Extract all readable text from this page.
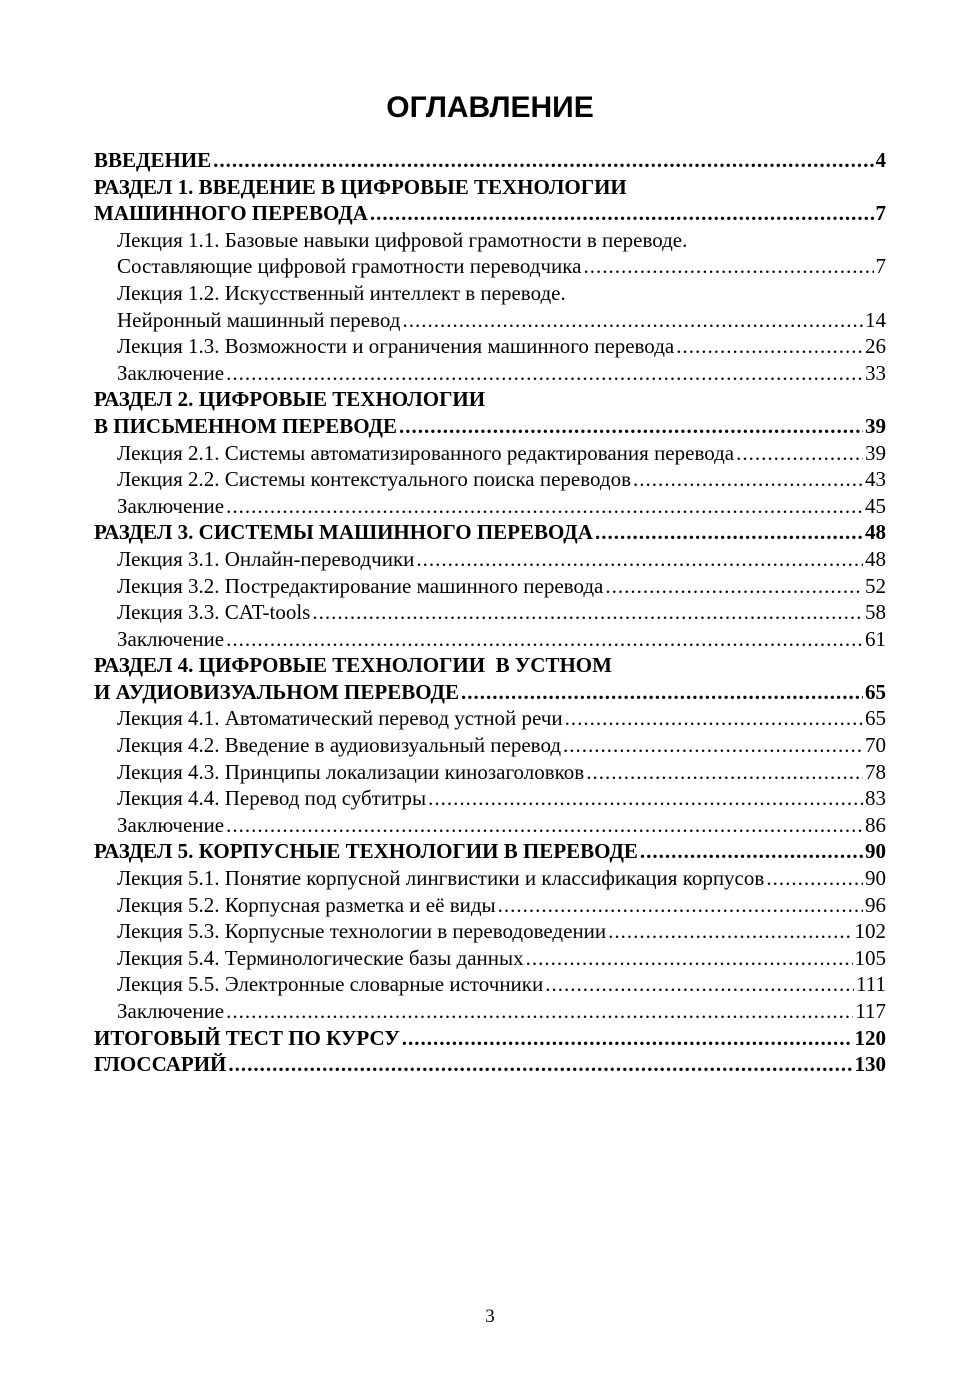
ОГЛАВЛЕНИЕ
ВВЕДЕНИЕ .....	4
РАЗДЕЛ 1. ВВЕДЕНИЕ В ЦИФРОВЫЕ ТЕХНОЛОГИИ
МАШИННОГО ПЕРЕВОДА .....	7
Лекция 1.1. Базовые навыки цифровой грамотности в переводе.
Составляющие цифровой грамотности переводчика .....	7
Лекция 1.2. Искусственный интеллект в переводе.
Нейронный машинный перевод .....	14
Лекция 1.3. Возможности и ограничения машинного перевода .....	26
Заключение .....	33
РАЗДЕЛ 2. ЦИФРОВЫЕ ТЕХНОЛОГИИ
В ПИСЬМЕННОМ ПЕРЕВОДЕ .....	39
Лекция 2.1. Системы автоматизированного редактирования перевода .....	39
Лекция 2.2. Системы контекстуального поиска переводов .....	43
Заключение .....	45
РАЗДЕЛ 3. СИСТЕМЫ МАШИННОГО ПЕРЕВОДА .....	48
Лекция 3.1. Онлайн-переводчики .....	48
Лекция 3.2. Постредактирование машинного перевода .....	52
Лекция 3.3. CAT-tools .....	58
Заключение .....	61
РАЗДЕЛ 4. ЦИФРОВЫЕ ТЕХНОЛОГИИ  В УСТНОМ
И АУДИОВИЗУАЛЬНОМ ПЕРЕВОДЕ .....	65
Лекция 4.1. Автоматический перевод устной речи .....	65
Лекция 4.2. Введение в аудиовизуальный перевод .....	70
Лекция 4.3. Принципы локализации кинозаголовков .....	78
Лекция 4.4. Перевод под субтитры .....	83
Заключение .....	86
РАЗДЕЛ 5. КОРПУСНЫЕ ТЕХНОЛОГИИ В ПЕРЕВОДЕ .....	90
Лекция 5.1. Понятие корпусной лингвистики и классификация корпусов .....	90
Лекция 5.2. Корпусная разметка и её виды .....	96
Лекция 5.3. Корпусные технологии в переводоведении .....	102
Лекция 5.4. Терминологические базы данных .....	105
Лекция 5.5. Электронные словарные источники .....	111
Заключение .....	117
ИТОГОВЫЙ ТЕСТ ПО КУРСУ .....	120
ГЛОССАРИЙ .....	130
3
